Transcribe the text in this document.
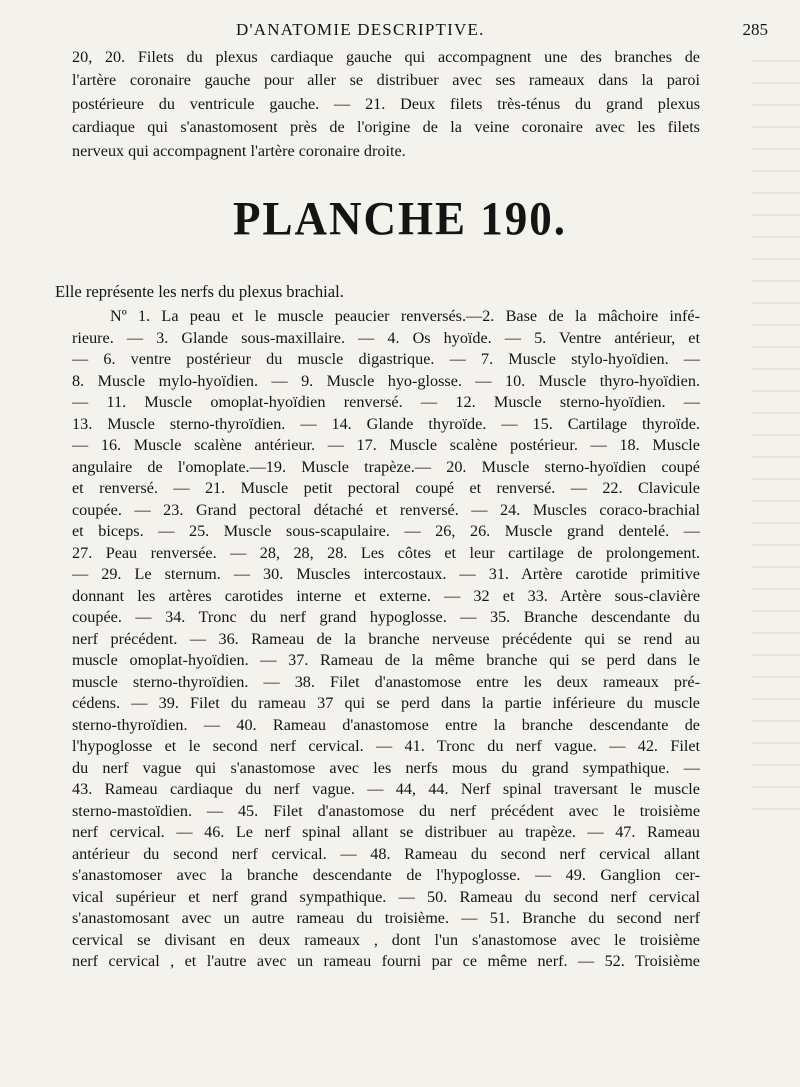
D'ANATOMIE DESCRIPTIVE.	285
20, 20. Filets du plexus cardiaque gauche qui accompagnent une des branches de
l'artère coronaire gauche pour aller se distribuer avec ses rameaux dans la paroi
postérieure du ventricule gauche. — 21. Deux filets très-ténus du grand plexus
cardiaque qui s'anastomosent près de l'origine de la veine coronaire avec les filets
nerveux qui accompagnent l'artère coronaire droite.
PLANCHE 190.
Elle représente les nerfs du plexus brachial.
Nº 1. La peau et le muscle peaucier renversés.—2. Base de la mâchoire infé-
rieure. — 3. Glande sous-maxillaire. — 4. Os hyoïde. — 5. Ventre antérieur, et
— 6. ventre postérieur du muscle digastrique. — 7. Muscle stylo-hyoïdien. —
8. Muscle mylo-hyoïdien. — 9. Muscle hyo-glosse. — 10. Muscle thyro-hyoïdien.
— 11. Muscle omoplat-hyoïdien renversé. — 12. Muscle sterno-hyoïdien. —
13. Muscle sterno-thyroïdien. — 14. Glande thyroïde. — 15. Cartilage thyroïde.
— 16. Muscle scalène antérieur. — 17. Muscle scalène postérieur. — 18. Muscle
angulaire de l'omoplate.—19. Muscle trapèze.— 20. Muscle sterno-hyoïdien coupé
et renversé. — 21. Muscle petit pectoral coupé et renversé. — 22. Clavicule
coupée. — 23. Grand pectoral détaché et renversé. — 24. Muscles coraco-brachial
et biceps. — 25. Muscle sous-scapulaire. — 26, 26. Muscle grand dentelé. —
27. Peau renversée. — 28, 28, 28. Les côtes et leur cartilage de prolongement.
— 29. Le sternum. — 30. Muscles intercostaux. — 31. Artère carotide primitive
donnant les artères carotides interne et externe. — 32 et 33. Artère sous-clavière
coupée. — 34. Tronc du nerf grand hypoglosse. — 35. Branche descendante du
nerf précédent. — 36. Rameau de la branche nerveuse précédente qui se rend au
muscle omoplat-hyoïdien. — 37. Rameau de la même branche qui se perd dans le
muscle sterno-thyroïdien. — 38. Filet d'anastomose entre les deux rameaux pré-
cédens. — 39. Filet du rameau 37 qui se perd dans la partie inférieure du muscle
sterno-thyroïdien. — 40. Rameau d'anastomose entre la branche descendante de
l'hypoglosse et le second nerf cervical. — 41. Tronc du nerf vague. — 42. Filet
du nerf vague qui s'anastomose avec les nerfs mous du grand sympathique. —
43. Rameau cardiaque du nerf vague. — 44, 44. Nerf spinal traversant le muscle
sterno-mastoïdien. — 45. Filet d'anastomose du nerf précédent avec le troisième
nerf cervical. — 46. Le nerf spinal allant se distribuer au trapèze. — 47. Rameau
antérieur du second nerf cervical. — 48. Rameau du second nerf cervical allant
s'anastomoser avec la branche descendante de l'hypoglosse. — 49. Ganglion cer-
vical supérieur et nerf grand sympathique. — 50. Rameau du second nerf cervical
s'anastomosant avec un autre rameau du troisième. — 51. Branche du second nerf
cervical se divisant en deux rameaux , dont l'un s'anastomose avec le troisième
nerf cervical , et l'autre avec un rameau fourni par ce même nerf. — 52. Troisième
